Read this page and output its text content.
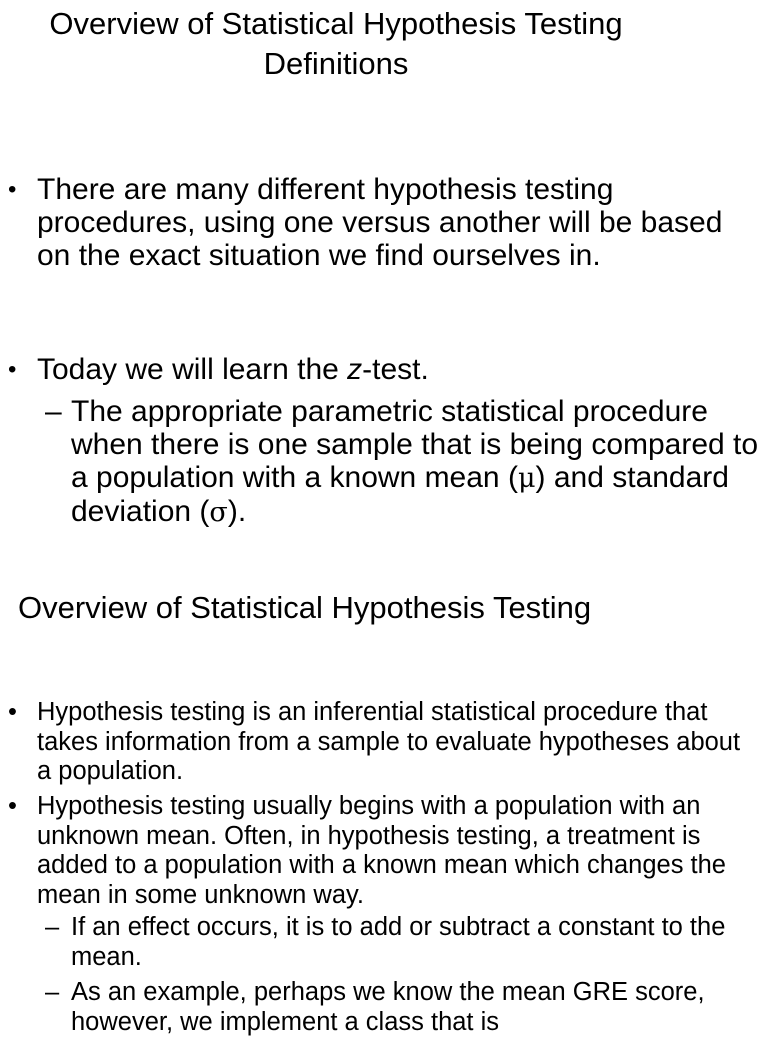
Overview of Statistical Hypothesis Testing
Definitions
• There are many different hypothesis testing procedures, using one versus another will be based on the exact situation we find ourselves in.
• Today we will learn the z-test.
– The appropriate parametric statistical procedure when there is one sample that is being compared to a population with a known mean (μ) and standard deviation (σ).
Overview of Statistical Hypothesis Testing
• Hypothesis testing is an inferential statistical procedure that takes information from a sample to evaluate hypotheses about a population.
• Hypothesis testing usually begins with a population with an unknown mean. Often, in hypothesis testing, a treatment is added to a population with a known mean which changes the mean in some unknown way.
– If an effect occurs, it is to add or subtract a constant to the mean.
– As an example, perhaps we know the mean GRE score, however, we implement a class that is
